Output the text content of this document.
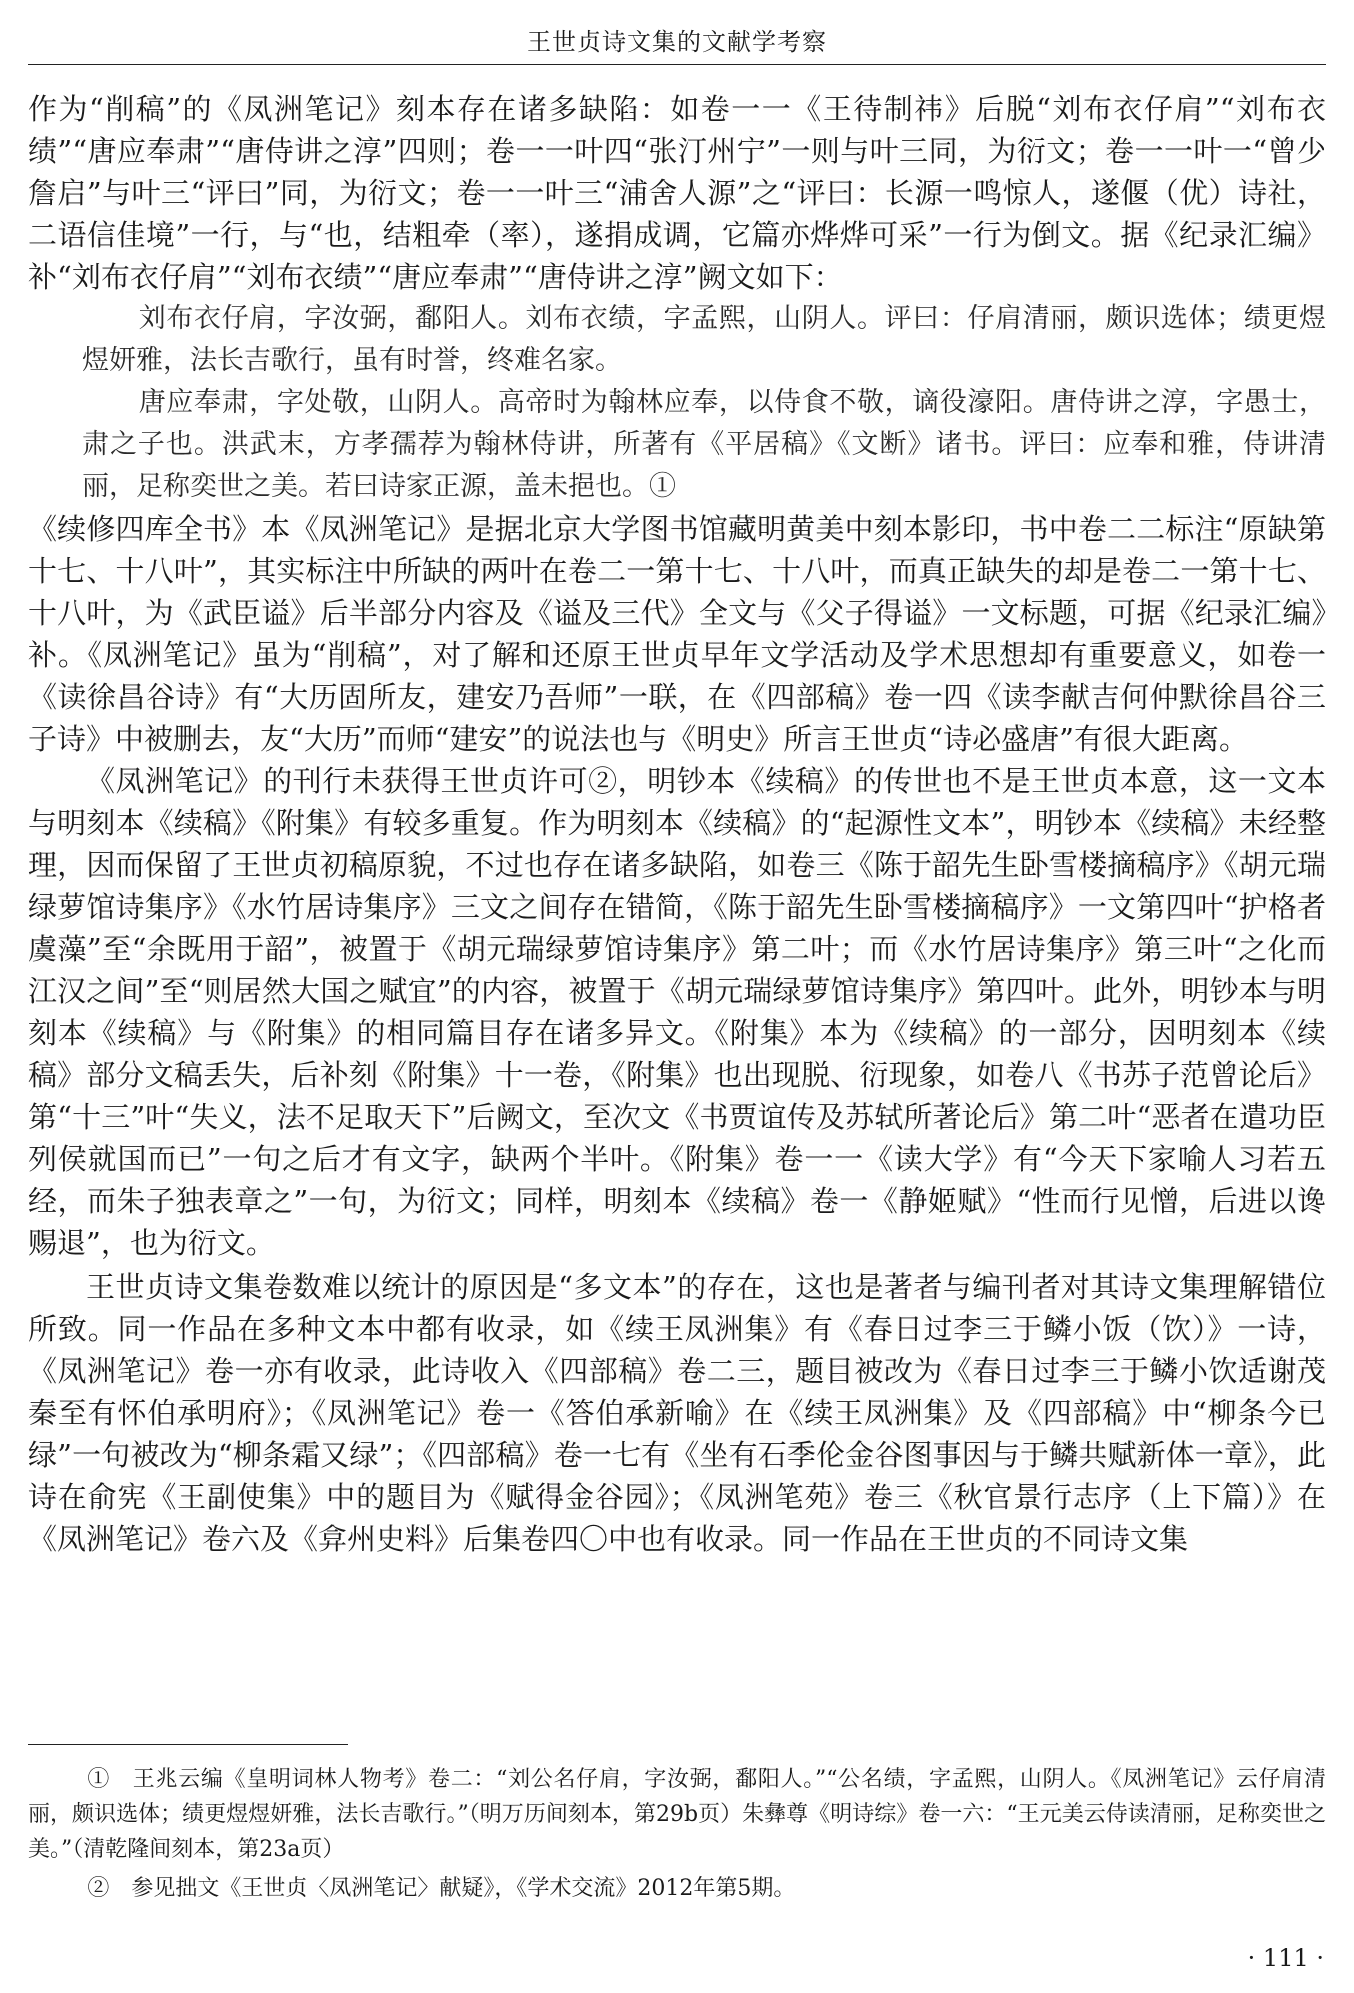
王世贞诗文集的文献学考察

作为“削稿”的《凤洲笔记》刻本存在诸多缺陷：如卷一一《王待制祎》后脱“刘布衣仔肩”“刘布衣绩”“唐应奉肃”“唐侍讲之淳”四则；卷一一叶四“张汀州宁”一则与叶三同，为衍文；卷一一叶一“曾少詹启”与叶三“评曰”同，为衍文；卷一一叶三“浦舍人源”之“评曰：长源一鸣惊人，遂偃（优）诗社，二语信佳境”一行，与“也，结粗牵（率），遂捐成调，它篇亦烨烨可采”一行为倒文。据《纪录汇编》补“刘布衣仔肩”“刘布衣绩”“唐应奉肃”“唐侍讲之淳”阙文如下：

刘布衣仔肩，字汝弼，鄱阳人。刘布衣绩，字孟熙，山阴人。评曰：仔肩清丽，颇识选体；绩更煜煜妍雅，法长吉歌行，虽有时誉，终难名家。

唐应奉肃，字处敬，山阴人。高帝时为翰林应奉，以侍食不敬，谪役濠阳。唐侍讲之淳，字愚士，肃之子也。洪武末，方孝孺荐为翰林侍讲，所著有《平居稿》《文断》诸书。评曰：应奉和雅，侍讲清丽，足称奕世之美。若曰诗家正源，盖未挹也。①

《续修四库全书》本《凤洲笔记》是据北京大学图书馆藏明黄美中刻本影印，书中卷二二标注“原缺第十七、十八叶”，其实标注中所缺的两叶在卷二一第十七、十八叶，而真正缺失的却是卷二一第十七、十八叶，为《武臣谥》后半部分内容及《谥及三代》全文与《父子得谥》一文标题，可据《纪录汇编》补。《凤洲笔记》虽为“削稿”，对了解和还原王世贞早年文学活动及学术思想却有重要意义，如卷一《读徐昌谷诗》有“大历固所友，建安乃吾师”一联，在《四部稿》卷一四《读李献吉何仲默徐昌谷三子诗》中被删去，友“大历”而师“建安”的说法也与《明史》所言王世贞“诗必盛唐”有很大距离。

《凤洲笔记》的刊行未获得王世贞许可②，明钞本《续稿》的传世也不是王世贞本意，这一文本与明刻本《续稿》《附集》有较多重复。作为明刻本《续稿》的“起源性文本”，明钞本《续稿》未经整理，因而保留了王世贞初稿原貌，不过也存在诸多缺陷，如卷三《陈于韶先生卧雪楼摘稿序》《胡元瑞绿萝馆诗集序》《水竹居诗集序》三文之间存在错简，《陈于韶先生卧雪楼摘稿序》一文第四叶“护格者虞藻”至“余既用于韶”，被置于《胡元瑞绿萝馆诗集序》第二叶；而《水竹居诗集序》第三叶“之化而江汉之间”至“则居然大国之赋宜”的内容，被置于《胡元瑞绿萝馆诗集序》第四叶。此外，明钞本与明刻本《续稿》与《附集》的相同篇目存在诸多异文。《附集》本为《续稿》的一部分，因明刻本《续稿》部分文稿丢失，后补刻《附集》十一卷，《附集》也出现脱、衍现象，如卷八《书苏子范曾论后》第“十三”叶“失义，法不足取天下”后阙文，至次文《书贾谊传及苏轼所著论后》第二叶“恶者在遣功臣列侯就国而已”一句之后才有文字，缺两个半叶。《附集》卷一一《读大学》有“今天下家喻人习若五经，而朱子独表章之”一句，为衍文；同样，明刻本《续稿》卷一《静姬赋》“性而行见憎，后进以谗赐退”，也为衍文。

王世贞诗文集卷数难以统计的原因是“多文本”的存在，这也是著者与编刊者对其诗文集理解错位所致。同一作品在多种文本中都有收录，如《续王凤洲集》有《春日过李三于鳞小饭（饮）》一诗，《凤洲笔记》卷一亦有收录，此诗收入《四部稿》卷二三，题目被改为《春日过李三于鳞小饮适谢茂秦至有怀伯承明府》；《凤洲笔记》卷一《答伯承新喻》在《续王凤洲集》及《四部稿》中“柳条今已绿”一句被改为“柳条霜又绿”；《四部稿》卷一七有《坐有石季伦金谷图事因与于鳞共赋新体一章》，此诗在俞宪《王副使集》中的题目为《赋得金谷园》；《凤洲笔苑》卷三《秋官景行志序（上下篇）》在《凤洲笔记》卷六及《弇州史料》后集卷四〇中也有收录。同一作品在王世贞的不同诗文集

①　王兆云编《皇明词林人物考》卷二：“刘公名仔肩，字汝弼，鄱阳人。”“公名绩，字孟熙，山阴人。《凤洲笔记》云仔肩清丽，颇识选体；绩更煜煜妍雅，法长吉歌行。”（明万历间刻本，第29b页）朱彝尊《明诗综》卷一六：“王元美云侍读清丽，足称奕世之美。”（清乾隆间刻本，第23a页）

②　参见拙文《王世贞〈凤洲笔记〉献疑》，《学术交流》2012年第5期。

· 111 ·
